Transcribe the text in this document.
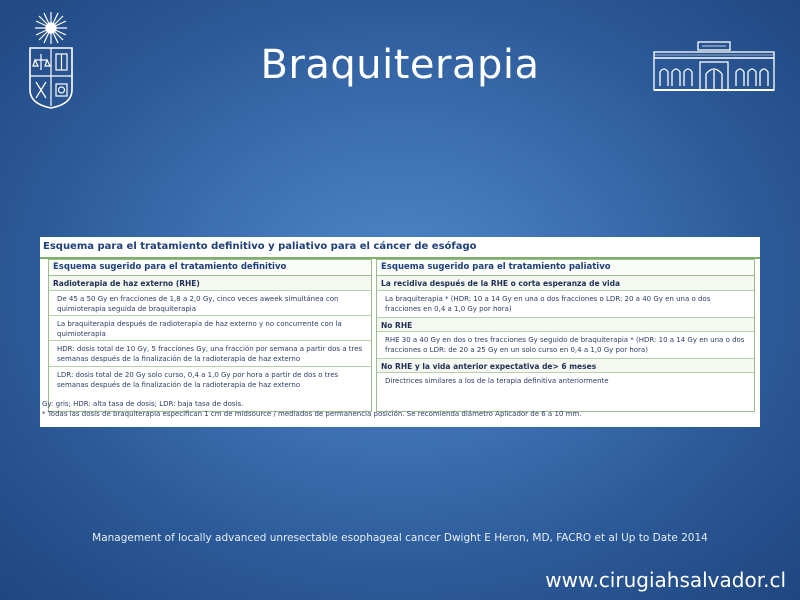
Braquiterapia
Esquema para el tratamiento definitivo y paliativo para el cáncer de esófago
Esquema sugerido para el tratamiento definitivo
Radioterapia de haz externo (RHE)
De 45 a 50 Gy en fracciones de 1,8 a 2,0 Gy, cinco veces aweek simultánea con quimioterapia seguida de braquiterapia
La braquiterapia después de radioterapia de haz externo y no concurrente con la quimioterapia
HDR: dosis total de 10 Gy, 5 fracciones Gy, una fracción por semana a partir dos a tres semanas después de la finalización de la radioterapia de haz externo
LDR: dosis total de 20 Gy solo curso, 0,4 a 1,0 Gy por hora a partir de dos o tres semanas después de la finalización de la radioterapia de haz externo
Esquema sugerido para el tratamiento paliativo
La recidiva después de la RHE o corta esperanza de vida
La braquiterapia * (HDR: 10 a 14 Gy en una o dos fracciones o LDR: 20 a 40 Gy en una o dos fracciones en 0,4 a 1,0 Gy por hora)
No RHE
RHE 30 a 40 Gy en dos o tres fracciones Gy seguido de braquiterapia * (HDR: 10 a 14 Gy en una o dos fracciones o LDR: de 20 a 25 Gy en un solo curso en 0,4 a 1,0 Gy por hora)
No RHE y la vida anterior expectativa de> 6 meses
Directrices similares a los de la terapia definitiva anteriormente
Gy: gris; HDR: alta tasa de dosis; LDR: baja tasa de dosis.
* Todas las dosis de braquiterapia especifican 1 cm de midsource / mediados de permanencia posición. Se recomienda diámetro Aplicador de 6 a 10 mm.
Management of locally advanced unresectable esophageal cancer Dwight E Heron, MD, FACRO et al Up to Date 2014
www.cirugiahsalvador.cl
